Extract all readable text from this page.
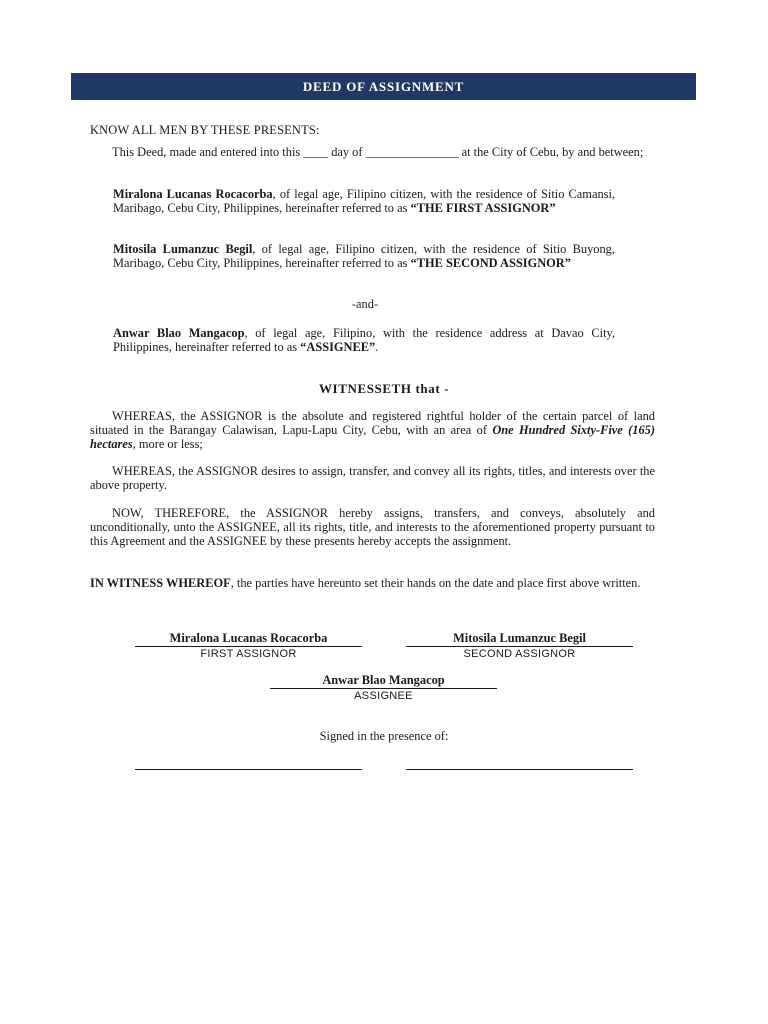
DEED OF ASSIGNMENT

KNOW ALL MEN BY THESE PRESENTS:

This Deed, made and entered into this ____ day of _______________ at the City of Cebu, by and between;

Miralona Lucanas Rocacorba, of legal age, Filipino citizen, with the residence of Sitio Camansi, Maribago, Cebu City, Philippines, hereinafter referred to as “THE FIRST ASSIGNOR”

Mitosila Lumanzuc Begil, of legal age, Filipino citizen, with the residence of Sitio Buyong, Maribago, Cebu City, Philippines, hereinafter referred to as “THE SECOND ASSIGNOR”

-and-

Anwar Blao Mangacop, of legal age, Filipino, with the residence address at Davao City, Philippines, hereinafter referred to as “ASSIGNEE”.

WITNESSETH that -

WHEREAS, the ASSIGNOR is the absolute and registered rightful holder of the certain parcel of land situated in the Barangay Calawisan, Lapu-Lapu City, Cebu, with an area of One Hundred Sixty-Five (165) hectares, more or less;

WHEREAS, the ASSIGNOR desires to assign, transfer, and convey all its rights, titles, and interests over the above property.

NOW, THEREFORE, the ASSIGNOR hereby assigns, transfers, and conveys, absolutely and unconditionally, unto the ASSIGNEE, all its rights, title, and interests to the aforementioned property pursuant to this Agreement and the ASSIGNEE by these presents hereby accepts the assignment.

IN WITNESS WHEREOF, the parties have hereunto set their hands on the date and place first above written.

Miralona Lucanas Rocacorba
FIRST ASSIGNOR
Mitosila Lumanzuc Begil
SECOND ASSIGNOR
Anwar Blao Mangacop
ASSIGNEE

Signed in the presence of:
